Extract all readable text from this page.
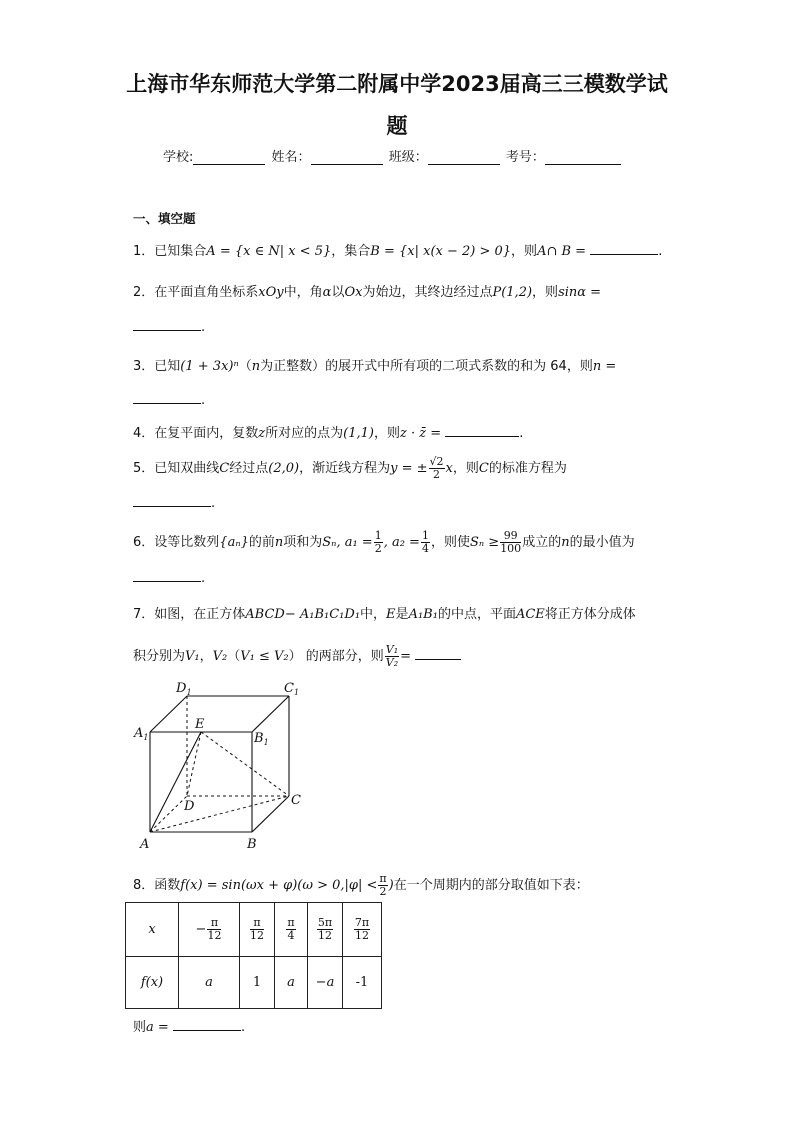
上海市华东师范大学第二附属中学2023届高三三模数学试
题
学校:	姓名：	班级：	考号：
一、填空题
1．已知集合A = {x ∈ N| x < 5}，集合B = {x| x(x − 2) > 0}，则A∩ B =	.
2．在平面直角坐标系xOy中，角α以Ox为始边，其终边经过点P(1,2)，则sinα =
.
3．已知(1 + 3x)ⁿ（n为正整数）的展开式中所有项的二项式系数的和为 64，则n =
.
4．在复平面内，复数z所对应的点为(1,1)，则z · z̄ =	.
5．已知双曲线C经过点(2,0)，渐近线方程为y = ± $\frac{√2}{2}$ x，则C的标准方程为
.
6．设等比数列{aₙ}的前n项和为Sₙ, $a_1 = \frac{1}{2}$ , $a_2 = \frac{1}{4}$ ，则使$S_n \ge \frac{99}{100}$ 成立的n的最小值为
.
7．如图，在正方体ABCD− A₁B₁C₁D₁中，E是A₁B₁的中点，平面ACE将正方体分成体
积分别为V₁，V₂（V₁ ≤ V₂） 的两部分，则 $\frac{\text{V₁}}{\text{V₂}}$ =
$A_1$	$B_1$
$D_1$	$C_1$
E
D	C
A	B
8．函数$f(x) = \sin(\omega x + \varphi)(\omega > 0,|\varphi| < \frac{\pi}{2}$ )在一个周期内的部分取值如下表：
x	− $\frac{\pi}{12}$	$\frac{\pi}{12}$	$\frac{\pi}{4}$	$\frac{5\pi}{12}$	$\frac{7\pi}{12}$

f(x)	a	1	a	−a	-1
则a =	.
